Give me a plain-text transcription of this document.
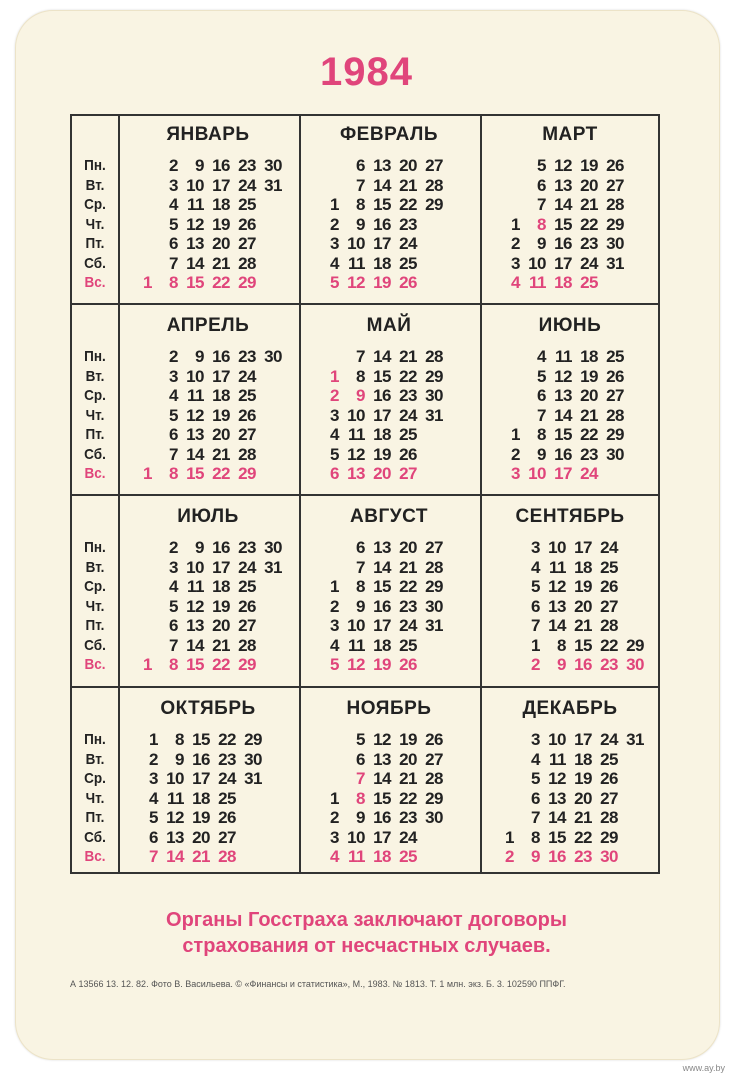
1984
Пн.
Вт.
Ср.
Чт.
Пт.
Сб.
Вс.
ЯНВАРЬ
1
2
3
4
5
6
7
8
9
10
11
12
13
14
15
16
17
18
19
20
21
22
23
24
25
26
27
28
29
30
31
ФЕВРАЛЬ
1
2
3
4
5
6
7
8
9
10
11
12
13
14
15
16
17
18
19
20
21
22
23
24
25
26
27
28
29
МАРТ
1
2
3
4
5
6
7
8
9
10
11
12
13
14
15
16
17
18
19
20
21
22
23
24
25
26
27
28
29
30
31
Пн.
Вт.
Ср.
Чт.
Пт.
Сб.
Вс.
АПРЕЛЬ
1
2
3
4
5
6
7
8
9
10
11
12
13
14
15
16
17
18
19
20
21
22
23
24
25
26
27
28
29
30
МАЙ
1
2
3
4
5
6
7
8
9
10
11
12
13
14
15
16
17
18
19
20
21
22
23
24
25
26
27
28
29
30
31
ИЮНЬ
1
2
3
4
5
6
7
8
9
10
11
12
13
14
15
16
17
18
19
20
21
22
23
24
25
26
27
28
29
30
Пн.
Вт.
Ср.
Чт.
Пт.
Сб.
Вс.
ИЮЛЬ
1
2
3
4
5
6
7
8
9
10
11
12
13
14
15
16
17
18
19
20
21
22
23
24
25
26
27
28
29
30
31
АВГУСТ
1
2
3
4
5
6
7
8
9
10
11
12
13
14
15
16
17
18
19
20
21
22
23
24
25
26
27
28
29
30
31
СЕНТЯБРЬ
3
4
5
6
7
1
2
10
11
12
13
14
8
9
17
18
19
20
21
15
16
24
25
26
27
28
22
23
29
30
Пн.
Вт.
Ср.
Чт.
Пт.
Сб.
Вс.
ОКТЯБРЬ
1
2
3
4
5
6
7
8
9
10
11
12
13
14
15
16
17
18
19
20
21
22
23
24
25
26
27
28
29
30
31
НОЯБРЬ
1
2
3
4
5
6
7
8
9
10
11
12
13
14
15
16
17
18
19
20
21
22
23
24
25
26
27
28
29
30
ДЕКАБРЬ
1
2
3
4
5
6
7
8
9
10
11
12
13
14
15
16
17
18
19
20
21
22
23
24
25
26
27
28
29
30
31
Органы Госстраха заключают договоры
страхования от несчастных случаев.
А 13566 13. 12. 82. Фото В. Васильева. © «Финансы и статистика», М., 1983. № 1813. Т. 1 млн. экз. Б. 3. 102590 ППФГ.
www.ay.by
